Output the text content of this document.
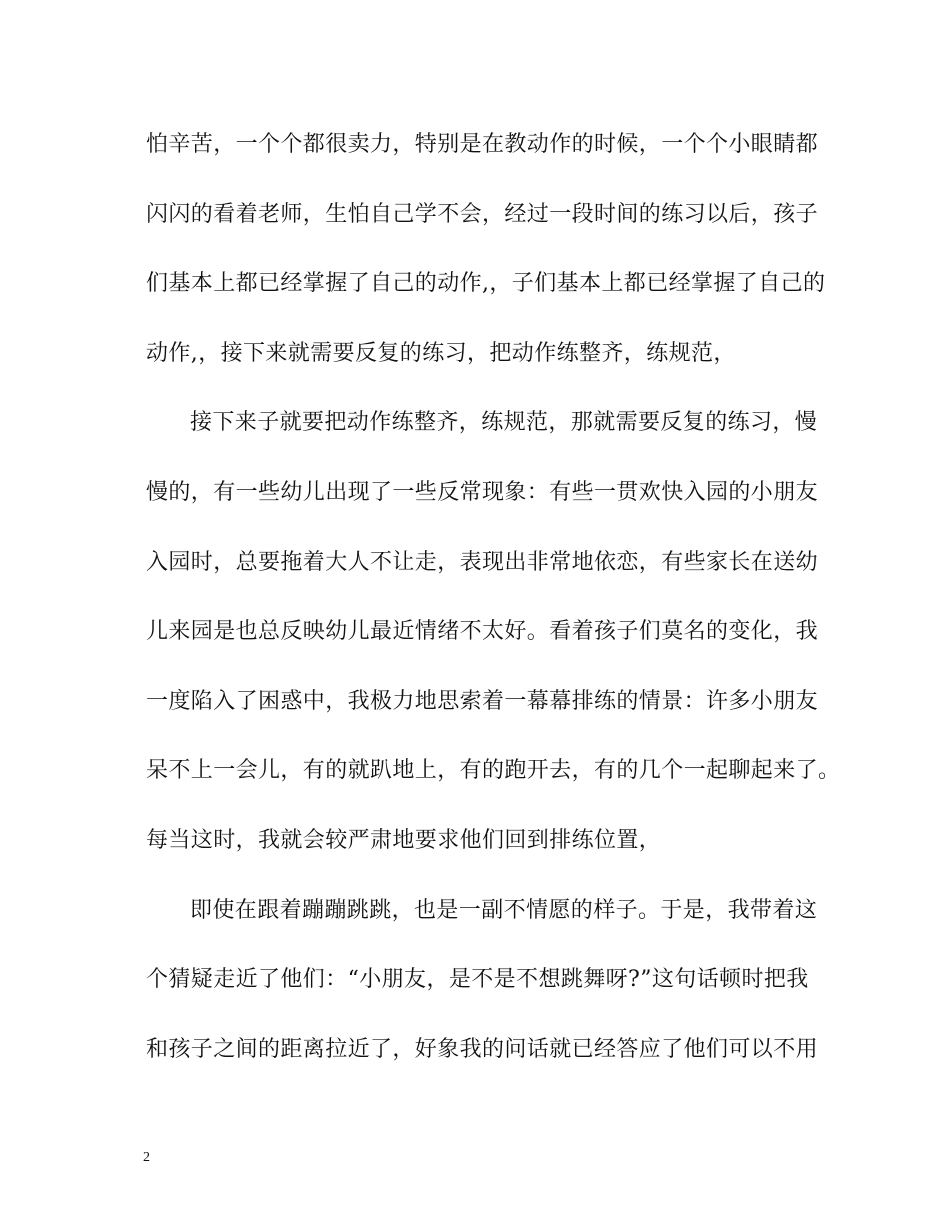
怕辛苦，一个个都很卖力，特别是在教动作的时候，一个个小眼睛都
闪闪的看着老师，生怕自己学不会，经过一段时间的练习以后，孩子
们基本上都已经掌握了自己的动作,，子们基本上都已经掌握了自己的
动作,，接下来就需要反复的练习，把动作练整齐，练规范，
接下来子就要把动作练整齐，练规范，那就需要反复的练习，慢
慢的，有一些幼儿出现了一些反常现象：有些一贯欢快入园的小朋友
入园时，总要拖着大人不让走，表现出非常地依恋，有些家长在送幼
儿来园是也总反映幼儿最近情绪不太好。看着孩子们莫名的变化，我
一度陷入了困惑中，我极力地思索着一幕幕排练的情景：许多小朋友
呆不上一会儿，有的就趴地上，有的跑开去，有的几个一起聊起来了。
每当这时，我就会较严肃地要求他们回到排练位置，
即使在跟着蹦蹦跳跳，也是一副不情愿的样子。于是，我带着这
个猜疑走近了他们：“小朋友，是不是不想跳舞呀?”这句话顿时把我
和孩子之间的距离拉近了，好象我的问话就已经答应了他们可以不用
2
